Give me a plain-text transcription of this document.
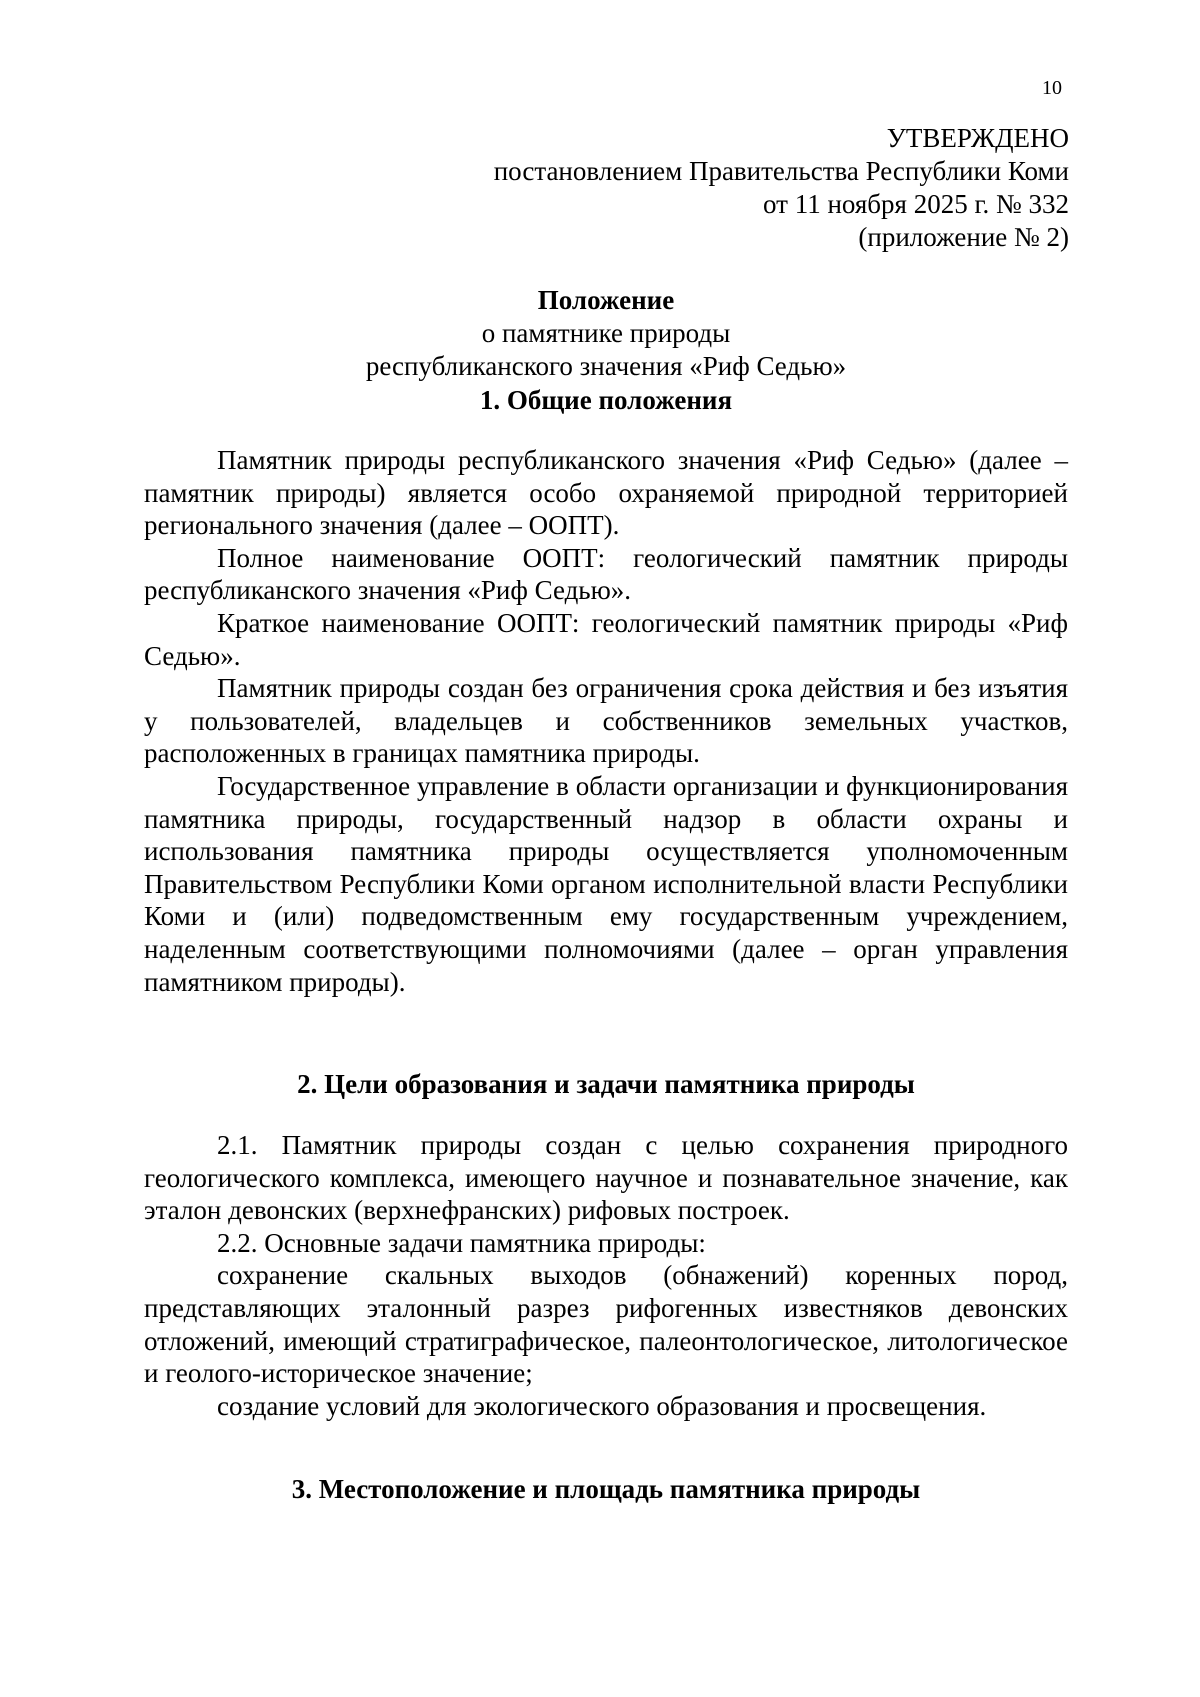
10
УТВЕРЖДЕНО
постановлением Правительства Республики Коми
от 11 ноября 2025 г. № 332
(приложение № 2)
Положение
о памятнике природы
республиканского значения «Риф Седью»
1. Общие положения

Памятник природы республиканского значения «Риф Седью» (далее – памятник природы) является особо охраняемой природной территорией регионального значения (далее – ООПТ).

Полное наименование ООПТ: геологический памятник природы республиканского значения «Риф Седью».

Краткое наименование ООПТ: геологический памятник природы «Риф Седью».

Памятник природы создан без ограничения срока действия и без изъятия у пользователей, владельцев и собственников земельных участков, расположенных в границах памятника природы.

Государственное управление в области организации и функционирования памятника природы, государственный надзор в области охраны и использования памятника природы осуществляется уполномоченным Правительством Республики Коми органом исполнительной власти Республики Коми и (или) подведомственным ему государственным учреждением, наделенным соответствующими полномочиями (далее – орган управления памятником природы).

2. Цели образования и задачи памятника природы

2.1. Памятник природы создан с целью сохранения природного геологического комплекса, имеющего научное и познавательное значение, как эталон девонских (верхнефранских) рифовых построек.

2.2. Основные задачи памятника природы:

сохранение скальных выходов (обнажений) коренных пород, представляющих эталонный разрез рифогенных известняков девонских отложений, имеющий стратиграфическое, палеонтологическое, литологическое и геолого-историческое значение;

создание условий для экологического образования и просвещения.

3. Местоположение и площадь памятника природы
